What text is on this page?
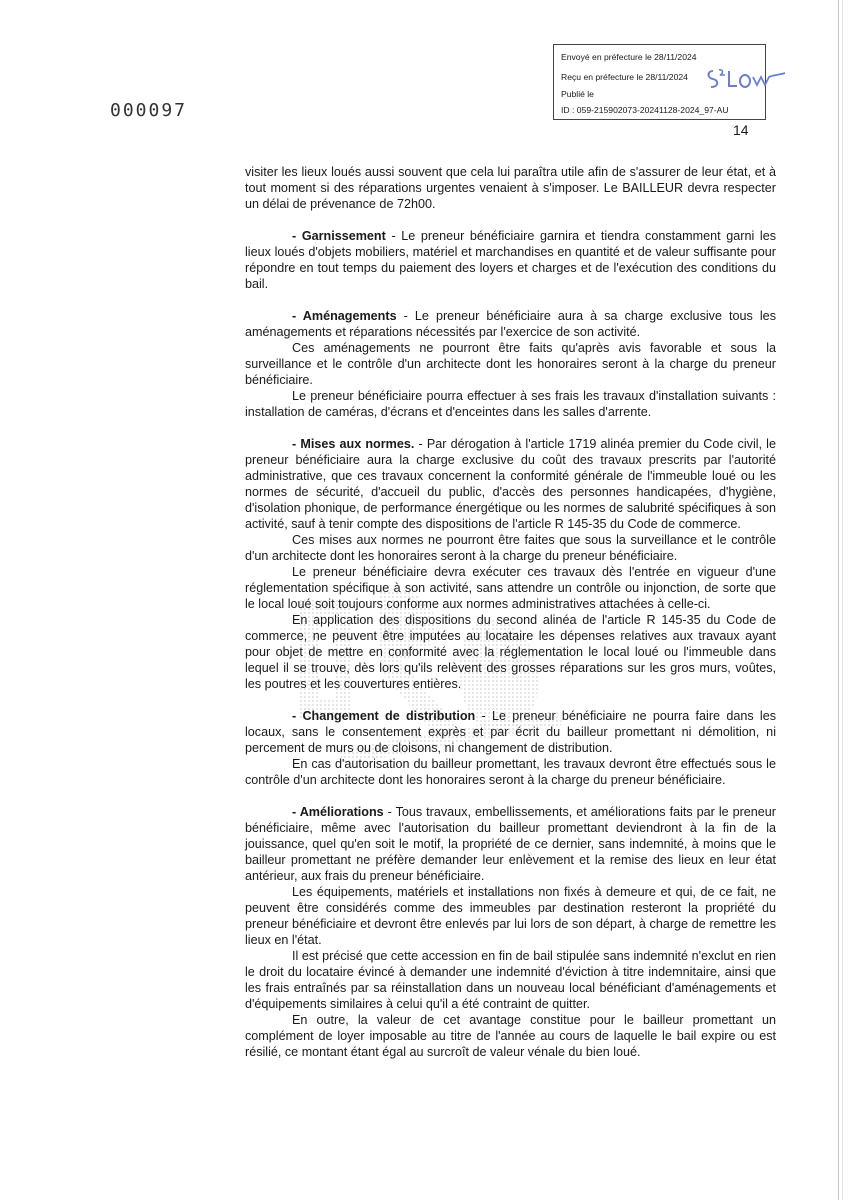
Envoyé en préfecture le 28/11/2024
Reçu en préfecture le 28/11/2024
Publié le
ID : 059-215902073-20241128-2024_97-AU
000097
14

visiter les lieux loués aussi souvent que cela lui paraîtra utile afin de s'assurer de leur état, et à tout moment si des réparations urgentes venaient à s'imposer. Le BAILLEUR devra respecter un délai de prévenance de 72h00.

- Garnissement - Le preneur bénéficiaire garnira et tiendra constamment garni les lieux loués d'objets mobiliers, matériel et marchandises en quantité et de valeur suffisante pour répondre en tout temps du paiement des loyers et charges et de l'exécution des conditions du bail.

- Aménagements - Le preneur bénéficiaire aura à sa charge exclusive tous les aménagements et réparations nécessités par l'exercice de son activité.

Ces aménagements ne pourront être faits qu'après avis favorable et sous la surveillance et le contrôle d'un architecte dont les honoraires seront à la charge du preneur bénéficiaire.

Le preneur bénéficiaire pourra effectuer à ses frais les travaux d'installation suivants : installation de caméras, d'écrans et d'enceintes dans les salles d'arrente.

- Mises aux normes. - Par dérogation à l'article 1719 alinéa premier du Code civil, le preneur bénéficiaire aura la charge exclusive du coût des travaux prescrits par l'autorité administrative, que ces travaux concernent la conformité générale de l'immeuble loué ou les normes de sécurité, d'accueil du public, d'accès des personnes handicapées, d'hygiène, d'isolation phonique, de performance énergétique ou les normes de salubrité spécifiques à son activité, sauf à tenir compte des dispositions de l'article R 145-35 du Code de commerce.

Ces mises aux normes ne pourront être faites que sous la surveillance et le contrôle d'un architecte dont les honoraires seront à la charge du preneur bénéficiaire.

Le preneur bénéficiaire devra exécuter ces travaux dès l'entrée en vigueur d'une réglementation spécifique à son activité, sans attendre un contrôle ou injonction, de sorte que le local loué soit toujours conforme aux normes administratives attachées à celle-ci.

En application des dispositions du second alinéa de l'article R 145-35 du Code de commerce, ne peuvent être imputées au locataire les dépenses relatives aux travaux ayant pour objet de mettre en conformité avec la réglementation le local loué ou l'immeuble dans lequel il se trouve, dès lors qu'ils relèvent des grosses réparations sur les gros murs, voûtes, les poutres et les couvertures entières.

- Changement de distribution - Le preneur bénéficiaire ne pourra faire dans les locaux, sans le consentement exprès et par écrit du bailleur promettant ni démolition, ni percement de murs ou de cloisons, ni changement de distribution.

En cas d'autorisation du bailleur promettant, les travaux devront être effectués sous le contrôle d'un architecte dont les honoraires seront à la charge du preneur bénéficiaire.

- Améliorations - Tous travaux, embellissements, et améliorations faits par le preneur bénéficiaire, même avec l'autorisation du bailleur promettant deviendront à la fin de la jouissance, quel qu'en soit le motif, la propriété de ce dernier, sans indemnité, à moins que le bailleur promettant ne préfère demander leur enlèvement et la remise des lieux en leur état antérieur, aux frais du preneur bénéficiaire.

Les équipements, matériels et installations non fixés à demeure et qui, de ce fait, ne peuvent être considérés comme des immeubles par destination resteront la propriété du preneur bénéficiaire et devront être enlevés par lui lors de son départ, à charge de remettre les lieux en l'état.

Il est précisé que cette accession en fin de bail stipulée sans indemnité n'exclut en rien le droit du locataire évincé à demander une indemnité d'éviction à titre indemnitaire, ainsi que les frais entraînés par sa réinstallation dans un nouveau local bénéficiant d'aménagements et d'équipements similaires à celui qu'il a été contraint de quitter.

En outre, la valeur de cet avantage constitue pour le bailleur promettant un complément de loyer imposable au titre de l'année au cours de laquelle le bail expire ou est résilié, ce montant étant égal au surcroît de valeur vénale du bien loué.
